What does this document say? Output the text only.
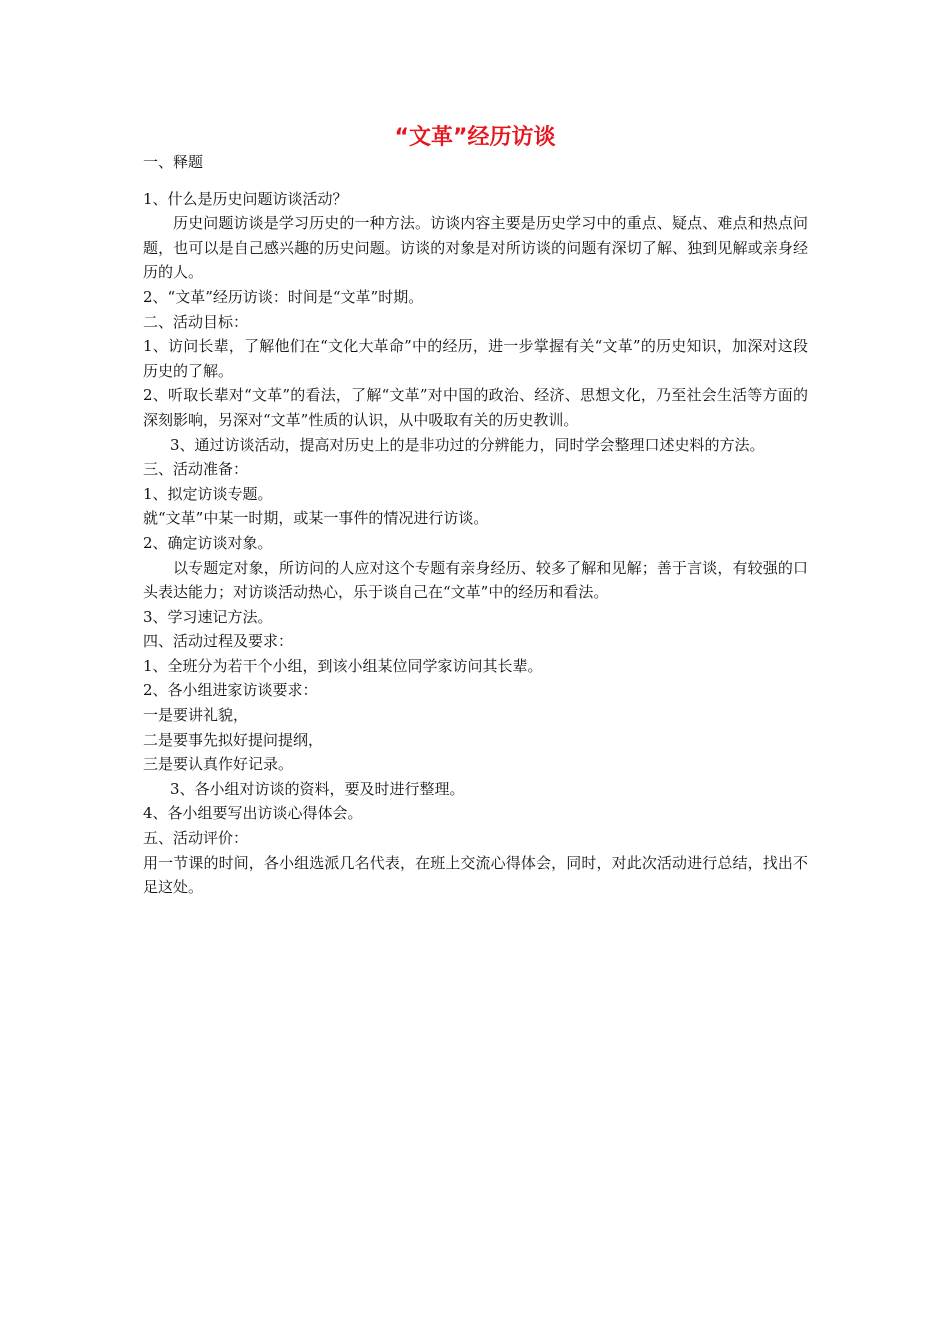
“文革”经历访谈

一、释题

1、什么是历史问题访谈活动？

历史问题访谈是学习历史的一种方法。访谈内容主要是历史学习中的重点、疑点、难点和热点问题，也可以是自己感兴趣的历史问题。访谈的对象是对所访谈的问题有深切了解、独到见解或亲身经历的人。

2、“文革”经历访谈：时间是“文革”时期。

二、活动目标：

1、访问长辈，了解他们在“文化大革命”中的经历，进一步掌握有关“文革”的历史知识，加深对这段历史的了解。

2、听取长辈对“文革”的看法，了解“文革”对中国的政治、经济、思想文化，乃至社会生活等方面的深刻影响，另深对“文革”性质的认识，从中吸取有关的历史教训。

3、通过访谈活动，提高对历史上的是非功过的分辨能力，同时学会整理口述史料的方法。

三、活动准备：

1、拟定访谈专题。

就“文革”中某一时期，或某一事件的情况进行访谈。

2、确定访谈对象。

以专题定对象，所访问的人应对这个专题有亲身经历、较多了解和见解；善于言谈，有较强的口头表达能力；对访谈活动热心，乐于谈自己在“文革”中的经历和看法。

3、学习速记方法。

四、活动过程及要求：

1、全班分为若干个小组，到该小组某位同学家访问其长辈。

2、各小组进家访谈要求：

一是要讲礼貌，

二是要事先拟好提问提纲，

三是要认真作好记录。

3、各小组对访谈的资料，要及时进行整理。

4、各小组要写出访谈心得体会。

五、活动评价：

用一节课的时间，各小组选派几名代表，在班上交流心得体会，同时，对此次活动进行总结，找出不足这处。
